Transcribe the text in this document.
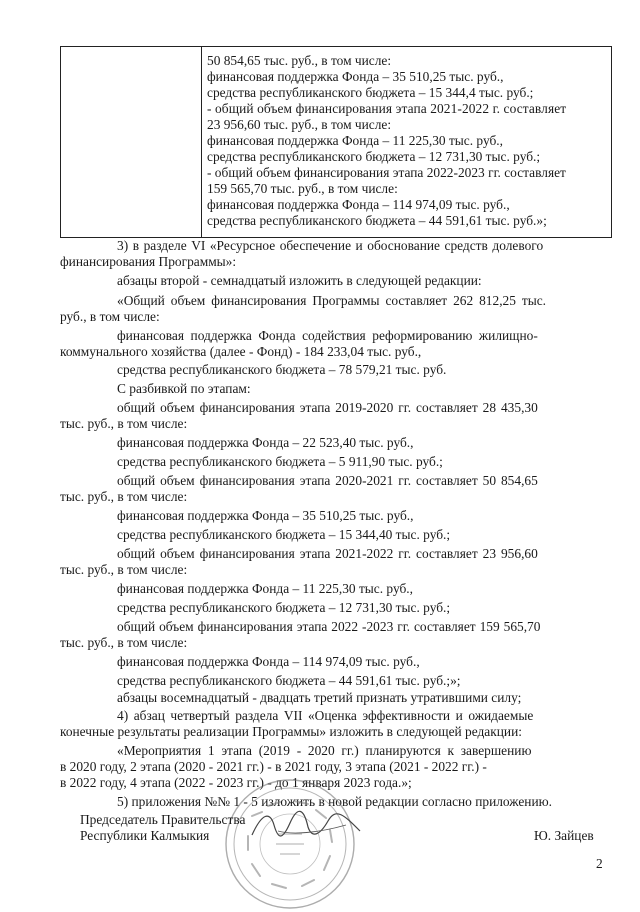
50 854,65 тыс. руб., в том числе:
финансовая поддержка Фонда – 35 510,25 тыс. руб.,
средства республиканского бюджета – 15 344,4 тыс. руб.;
- общий объем финансирования этапа 2021-2022 г. составляет
23 956,60 тыс. руб., в том числе:
финансовая поддержка Фонда – 11 225,30 тыс. руб.,
средства республиканского бюджета – 12 731,30 тыс. руб.;
- общий объем финансирования этапа 2022-2023 гг. составляет
159 565,70 тыс. руб., в том числе:
финансовая поддержка Фонда – 114 974,09 тыс. руб.,
средства республиканского бюджета – 44 591,61 тыс. руб.»;
3) в разделе VI «Ресурсное обеспечение и обоснование средств долевого
финансирования Программы»:
абзацы второй - семнадцатый изложить в следующей редакции:
«Общий объем финансирования Программы составляет 262 812,25 тыс.
руб., в том числе:
финансовая поддержка Фонда содействия реформированию жилищно-
коммунального хозяйства (далее - Фонд) - 184 233,04 тыс. руб.,
средства республиканского бюджета – 78 579,21 тыс. руб.
С разбивкой по этапам:
общий объем финансирования этапа 2019-2020 гг. составляет 28 435,30
тыс. руб., в том числе:
финансовая поддержка Фонда – 22 523,40 тыс. руб.,
средства республиканского бюджета – 5 911,90 тыс. руб.;
общий объем финансирования этапа 2020-2021 гг. составляет 50 854,65
тыс. руб., в том числе:
финансовая поддержка Фонда – 35 510,25 тыс. руб.,
средства республиканского бюджета – 15 344,40 тыс. руб.;
общий объем финансирования этапа 2021-2022 гг. составляет 23 956,60
тыс. руб., в том числе:
финансовая поддержка Фонда – 11 225,30 тыс. руб.,
средства республиканского бюджета – 12 731,30 тыс. руб.;
общий объем финансирования этапа 2022 -2023 гг. составляет 159 565,70
тыс. руб., в том числе:
финансовая поддержка Фонда – 114 974,09 тыс. руб.,
средства республиканского бюджета – 44 591,61 тыс. руб.;»;
абзацы восемнадцатый - двадцать третий признать утратившими силу;
4) абзац четвертый раздела VII «Оценка эффективности и ожидаемые
конечные результаты реализации Программы» изложить в следующей редакции:
«Мероприятия 1 этапа (2019 - 2020 гг.) планируются к завершению
в 2020 году, 2 этапа (2020 - 2021 гг.) - в 2021 году, 3 этапа (2021 - 2022 гг.) -
в 2022 году, 4 этапа (2022 - 2023 гг.) - до 1 января 2023 года.»;
5) приложения №№ 1 - 5 изложить в новой редакции согласно приложению.
Председатель Правительства
Республики Калмыкия	Ю. Зайцев
2
